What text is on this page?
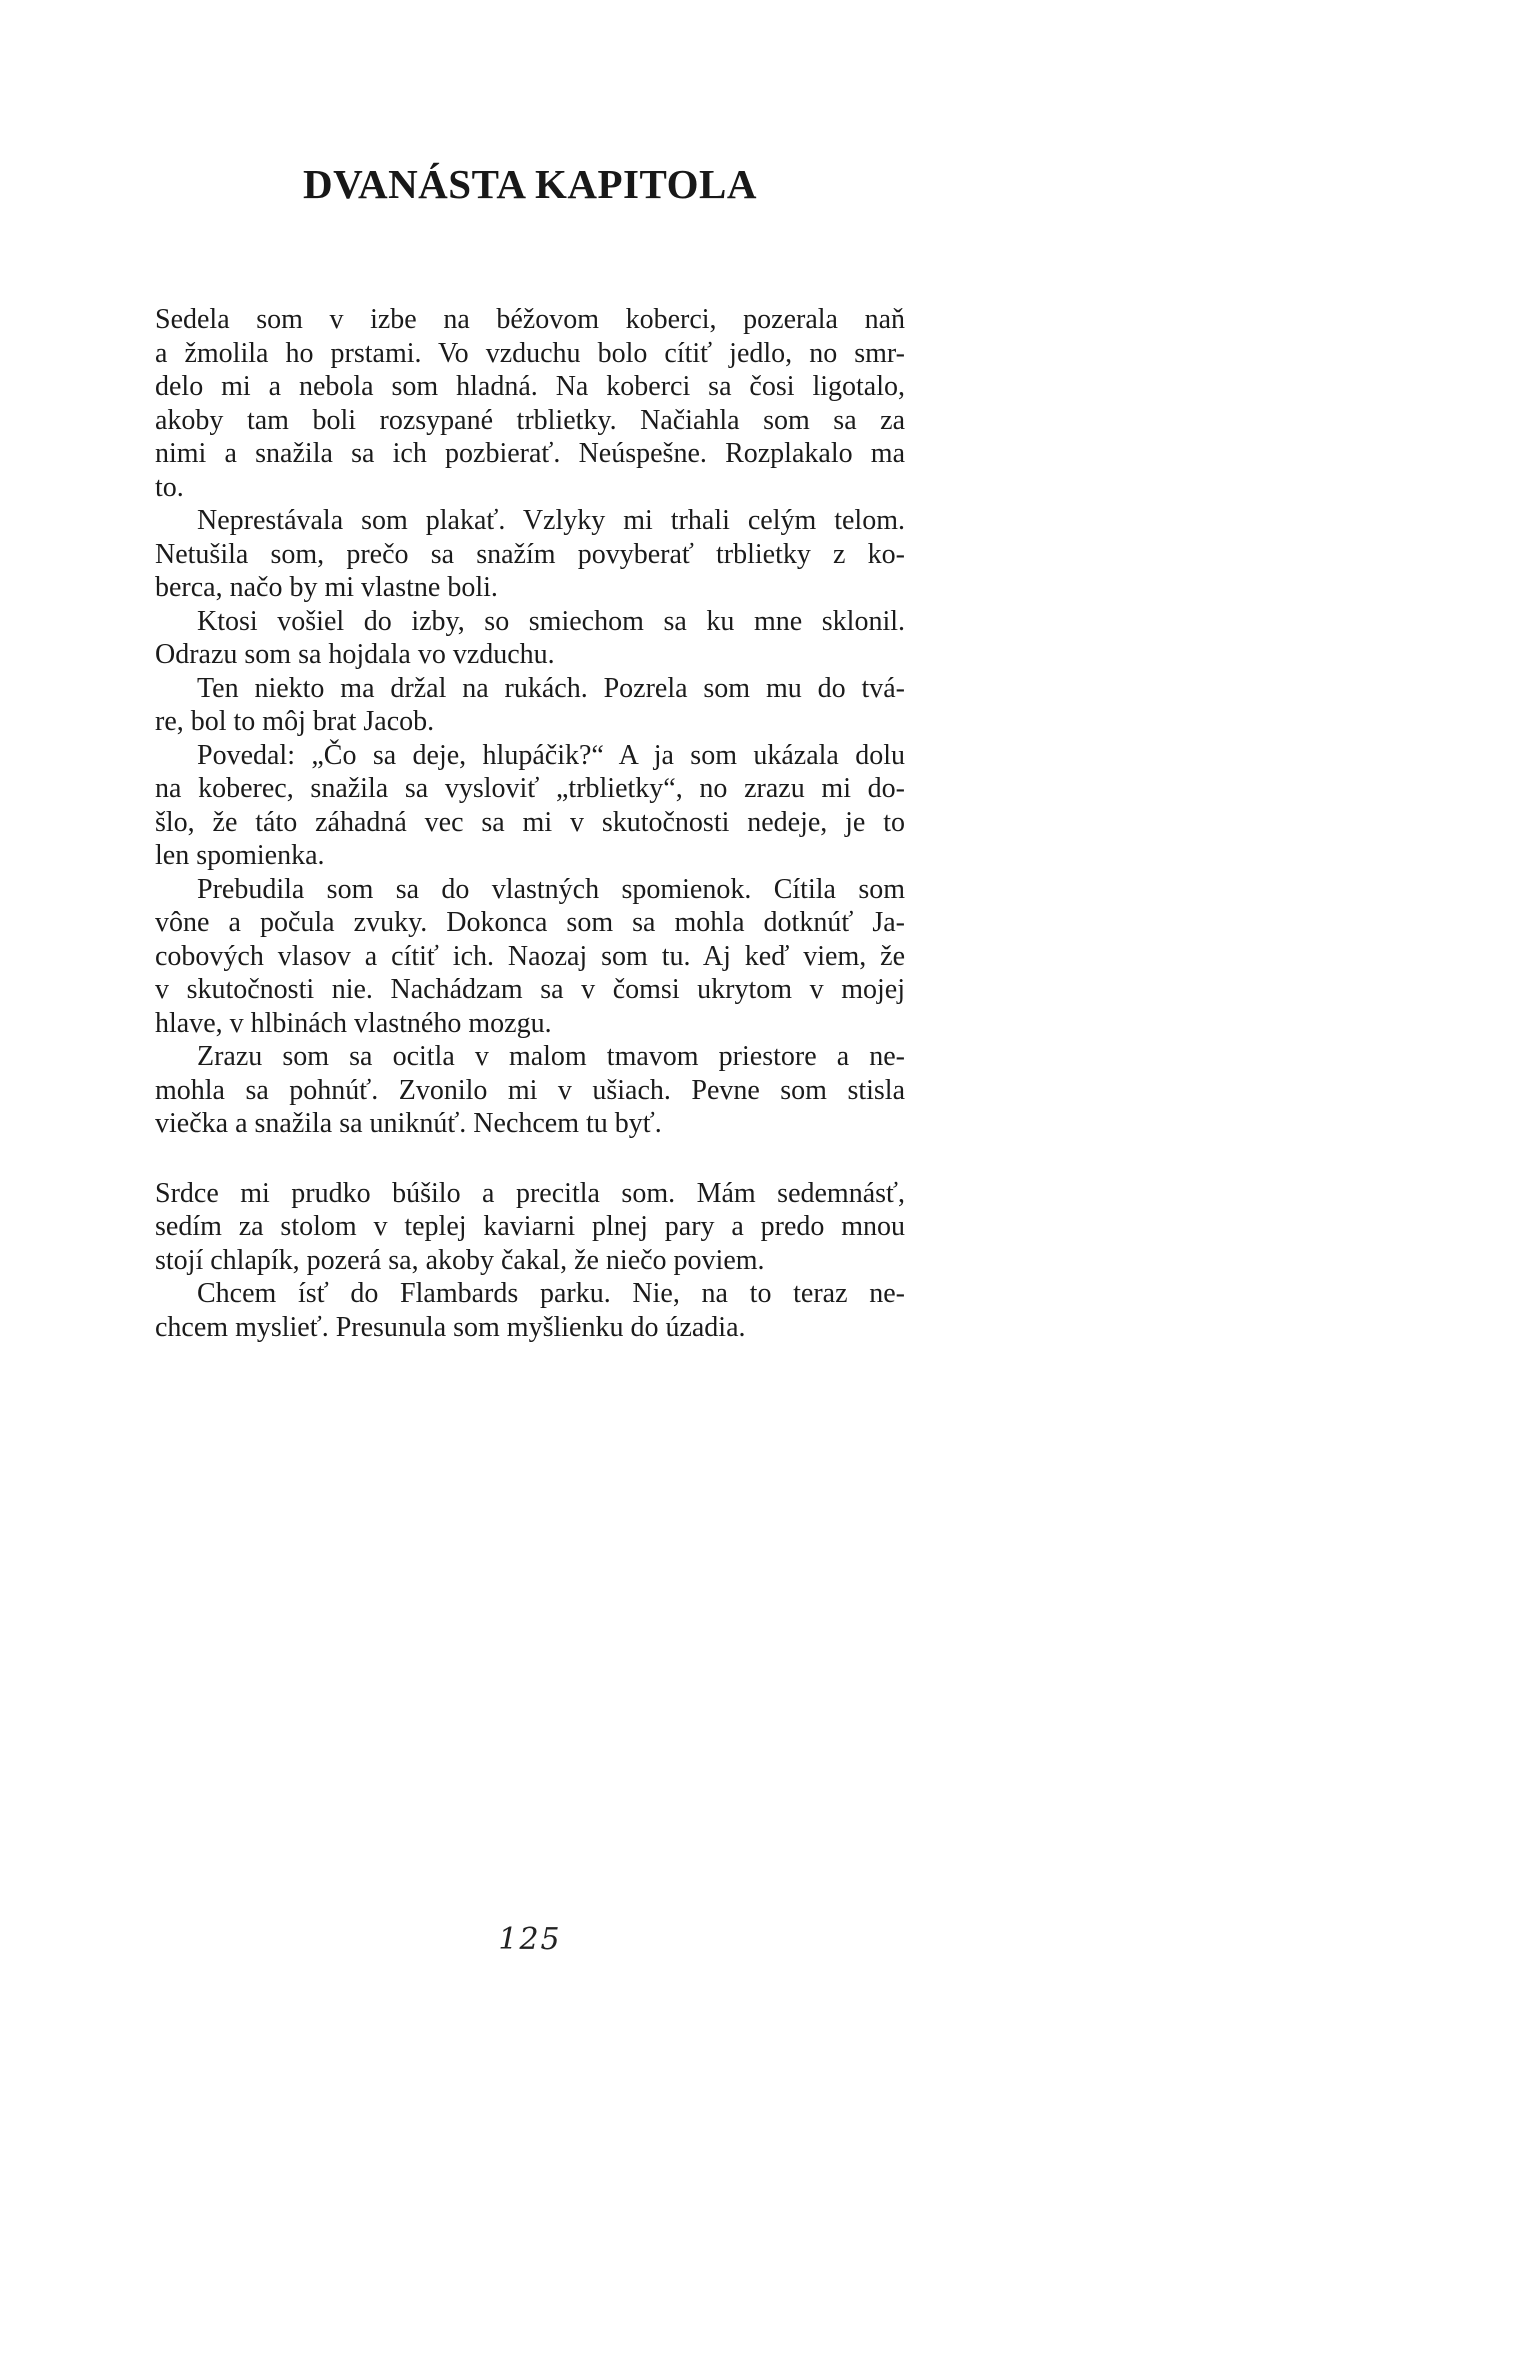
DVANÁSTA KAPITOLA
Sedela som v izbe na béžovom koberci, pozerala naň
a žmolila ho prstami. Vo vzduchu bolo cítiť jedlo, no smr-
delo mi a nebola som hladná. Na koberci sa čosi ligotalo,
akoby tam boli rozsypané trblietky. Načiahla som sa za
nimi a snažila sa ich pozbierať. Neúspešne. Rozplakalo ma
to.
Neprestávala som plakať. Vzlyky mi trhali celým telom.
Netušila som, prečo sa snažím povyberať trblietky z ko-
berca, načo by mi vlastne boli.
Ktosi vošiel do izby, so smiechom sa ku mne sklonil.
Odrazu som sa hojdala vo vzduchu.
Ten niekto ma držal na rukách. Pozrela som mu do tvá-
re, bol to môj brat Jacob.
Povedal: „Čo sa deje, hlupáčik?“ A ja som ukázala dolu
na koberec, snažila sa vysloviť „trblietky“, no zrazu mi do-
šlo, že táto záhadná vec sa mi v skutočnosti nedeje, je to
len spomienka.
Prebudila som sa do vlastných spomienok. Cítila som
vône a počula zvuky. Dokonca som sa mohla dotknúť Ja-
cobových vlasov a cítiť ich. Naozaj som tu. Aj keď viem, že
v skutočnosti nie. Nachádzam sa v čomsi ukrytom v mojej
hlave, v hlbinách vlastného mozgu.
Zrazu som sa ocitla v malom tmavom priestore a ne-
mohla sa pohnúť. Zvonilo mi v ušiach. Pevne som stisla
viečka a snažila sa uniknúť. Nechcem tu byť.
Srdce mi prudko búšilo a precitla som. Mám sedemnásť,
sedím za stolom v teplej kaviarni plnej pary a predo mnou
stojí chlapík, pozerá sa, akoby čakal, že niečo poviem.
Chcem ísť do Flambards parku. Nie, na to teraz ne-
chcem myslieť. Presunula som myšlienku do úzadia.
125
